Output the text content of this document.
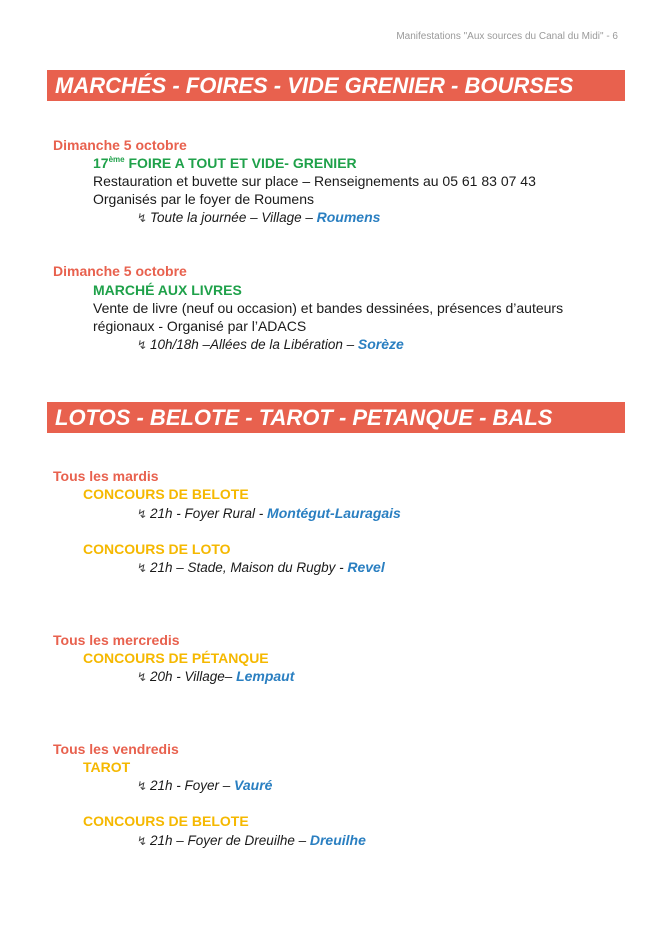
Manifestations "Aux sources du Canal du Midi" - 6
MARCHÉS - FOIRES - VIDE GRENIER - BOURSES
Dimanche 5 octobre
17ème FOIRE A TOUT ET VIDE- GRENIER
Restauration et buvette sur place – Renseignements au 05 61 83 07 43
Organisés par le foyer de Roumens
↯ Toute la journée – Village – Roumens
Dimanche 5 octobre
MARCHÉ AUX LIVRES
Vente de livre (neuf ou occasion) et bandes dessinées, présences d’auteurs
régionaux - Organisé par l’ADACS
↯ 10h/18h –Allées de la Libération – Sorèze
LOTOS - BELOTE - TAROT - PETANQUE - BALS
Tous les mardis
CONCOURS DE BELOTE
↯ 21h - Foyer Rural - Montégut-Lauragais
CONCOURS DE LOTO
↯ 21h – Stade, Maison du Rugby - Revel
Tous les mercredis
CONCOURS DE PÉTANQUE
↯ 20h - Village– Lempaut
Tous les vendredis
TAROT
↯ 21h - Foyer – Vauré
CONCOURS DE BELOTE
↯ 21h – Foyer de Dreuilhe – Dreuilhe
